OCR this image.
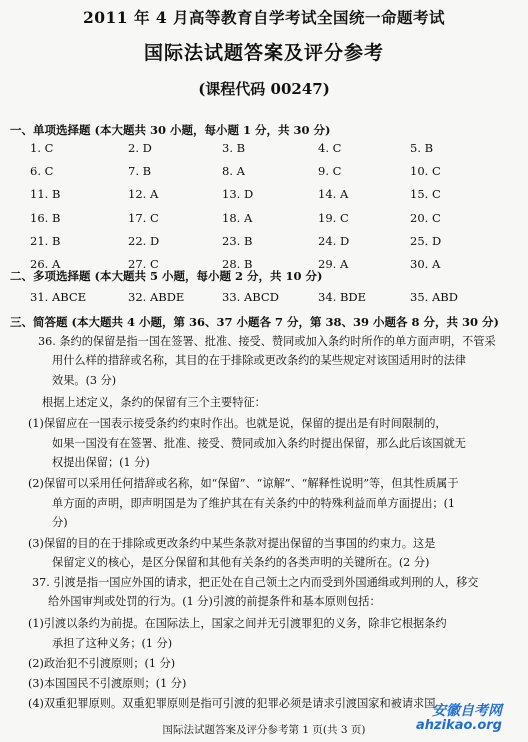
2011 年 4 月高等教育自学考试全国统一命题考试
国际法试题答案及评分参考
(课程代码 00247)
一、单项选择题 (本大题共 30 小题，每小题 1 分，共 30 分)
1. C	2. D	3. B	4. C	5. B
6. C	7. B	8. A	9. C	10. C
11. B	12. A	13. D	14. A	15. C
16. B	17. C	18. A	19. C	20. C
21. B	22. D	23. B	24. D	25. D
26. A	27. C	28. B	29. A	30. A
二、多项选择题 (本大题共 5 小题，每小题 2 分，共 10 分)
31. ABCE	32. ABDE	33. ABCD	34. BDE	35. ABD
三、简答题 (本大题共 4 小题，第 36、37 小题各 7 分，第 38、39 小题各 8 分，共 30 分)
36. 条约的保留是指一国在签署、批准、接受、赞同或加入条约时所作的单方面声明，不管采
用什么样的措辞或名称，其目的在于排除或更改条约的某些规定对该国适用时的法律
效果。(3 分)
根据上述定义，条约的保留有三个主要特征：
(1)保留应在一国表示接受条约约束时作出。也就是说，保留的提出是有时间限制的，
如果一国没有在签署、批准、接受、赞同或加入条约时提出保留，那么此后该国就无
权提出保留；(1 分)
(2)保留可以采用任何措辞或名称，如“保留”、“谅解”、“解释性说明”等，但其性质属于
单方面的声明，即声明国是为了维护其在有关条约中的特殊利益而单方面提出；(1
分)
(3)保留的目的在于排除或更改条约中某些条款对提出保留的当事国的约束力。这是
保留定义的核心，是区分保留和其他有关条约的各类声明的关键所在。(2 分)
37. 引渡是指一国应外国的请求，把正处在自己领土之内而受到外国通缉或判刑的人，移交
给外国审判或处罚的行为。(1 分)引渡的前提条件和基本原则包括：
(1)引渡以条约为前提。在国际法上，国家之间并无引渡罪犯的义务，除非它根据条约
承担了这种义务；(1 分)
(2)政治犯不引渡原则；(1 分)
(3)本国国民不引渡原则；(1 分)
(4)双重犯罪原则。双重犯罪原则是指可引渡的犯罪必须是请求引渡国家和被请求国
国际法试题答案及评分参考第 1 页(共 3 页)
安徽自考网
ahzikao.org
